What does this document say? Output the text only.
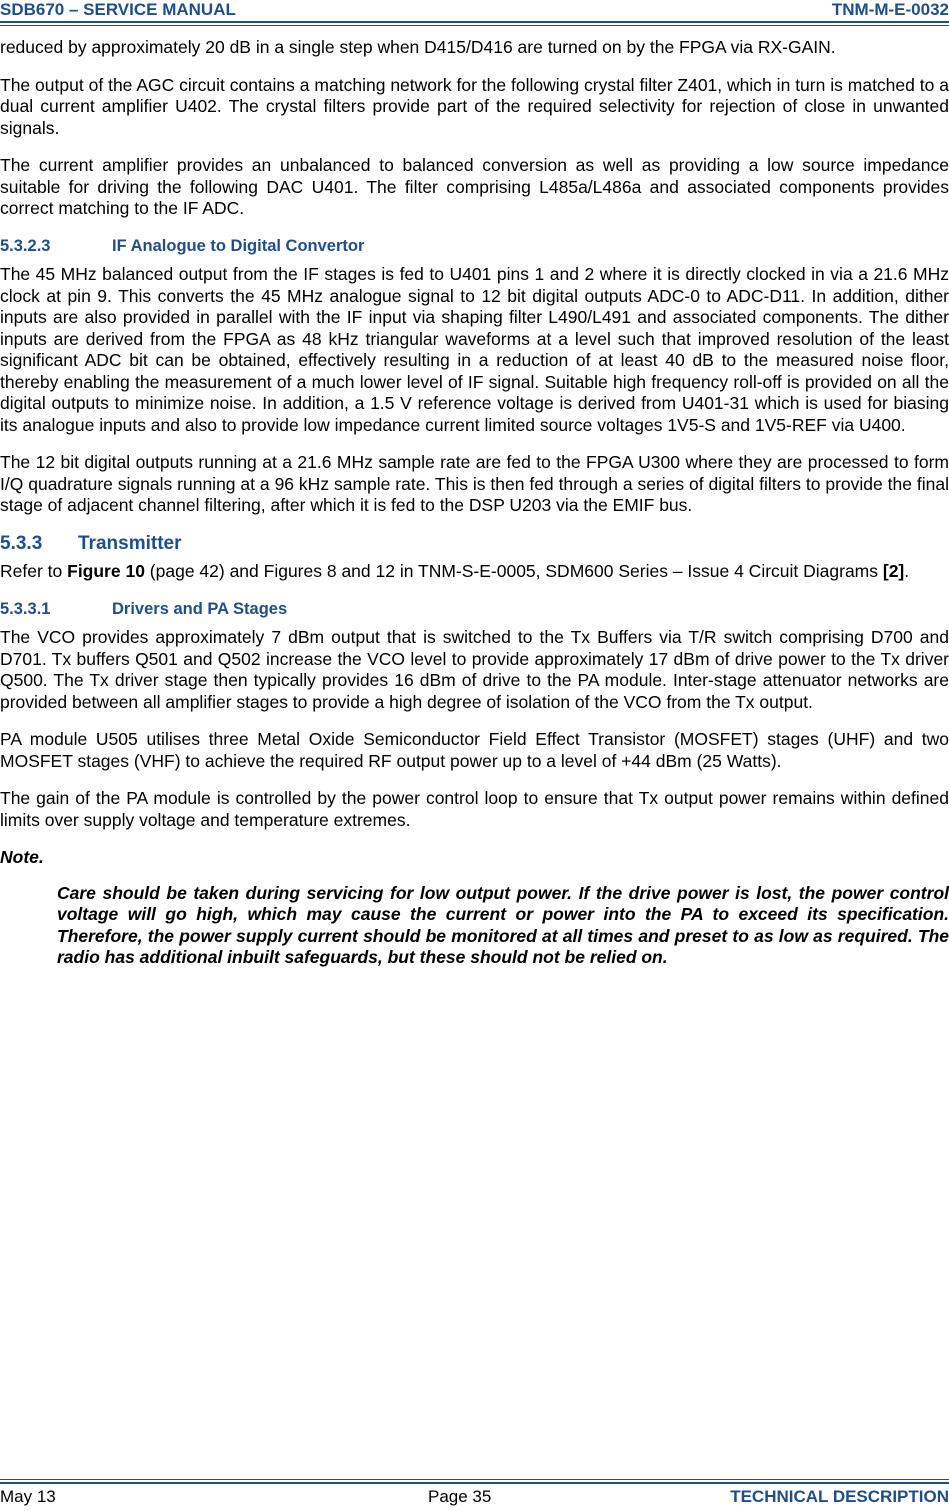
SDB670 – SERVICE MANUAL	TNM-M-E-0032

reduced by approximately 20 dB in a single step when D415/D416 are turned on by the FPGA via RX-GAIN.

The output of the AGC circuit contains a matching network for the following crystal filter Z401, which in turn is matched to a dual current amplifier U402. The crystal filters provide part of the required selectivity for rejection of close in unwanted signals.

The current amplifier provides an unbalanced to balanced conversion as well as providing a low source impedance suitable for driving the following DAC U401. The filter comprising L485a/L486a and associated components provides correct matching to the IF ADC.

5.3.2.3	IF Analogue to Digital Convertor

The 45 MHz balanced output from the IF stages is fed to U401 pins 1 and 2 where it is directly clocked in via a 21.6 MHz clock at pin 9. This converts the 45 MHz analogue signal to 12 bit digital outputs ADC-0 to ADC-D11. In addition, dither inputs are also provided in parallel with the IF input via shaping filter L490/L491 and associated components. The dither inputs are derived from the FPGA as 48 kHz triangular waveforms at a level such that improved resolution of the least significant ADC bit can be obtained, effectively resulting in a reduction of at least 40 dB to the measured noise floor, thereby enabling the measurement of a much lower level of IF signal. Suitable high frequency roll-off is provided on all the digital outputs to minimize noise. In addition, a 1.5 V reference voltage is derived from U401-31 which is used for biasing its analogue inputs and also to provide low impedance current limited source voltages 1V5-S and 1V5-REF via U400.

The 12 bit digital outputs running at a 21.6 MHz sample rate are fed to the FPGA U300 where they are processed to form I/Q quadrature signals running at a 96 kHz sample rate. This is then fed through a series of digital filters to provide the final stage of adjacent channel filtering, after which it is fed to the DSP U203 via the EMIF bus.

5.3.3 Transmitter

Refer to Figure 10 (page 42) and Figures 8 and 12 in TNM-S-E-0005, SDM600 Series – Issue 4 Circuit Diagrams [2].

5.3.3.1	Drivers and PA Stages

The VCO provides approximately 7 dBm output that is switched to the Tx Buffers via T/R switch comprising D700 and D701. Tx buffers Q501 and Q502 increase the VCO level to provide approximately 17 dBm of drive power to the Tx driver Q500. The Tx driver stage then typically provides 16 dBm of drive to the PA module. Inter-stage attenuator networks are provided between all amplifier stages to provide a high degree of isolation of the VCO from the Tx output.

PA module U505 utilises three Metal Oxide Semiconductor Field Effect Transistor (MOSFET) stages (UHF) and two MOSFET stages (VHF) to achieve the required RF output power up to a level of +44 dBm (25 Watts).

The gain of the PA module is controlled by the power control loop to ensure that Tx output power remains within defined limits over supply voltage and temperature extremes.

Note.
Care should be taken during servicing for low output power. If the drive power is lost, the power control voltage will go high, which may cause the current or power into the PA to exceed its specification. Therefore, the power supply current should be monitored at all times and preset to as low as required. The radio has additional inbuilt safeguards, but these should not be relied on.
May 13	Page 35	TECHNICAL DESCRIPTION
